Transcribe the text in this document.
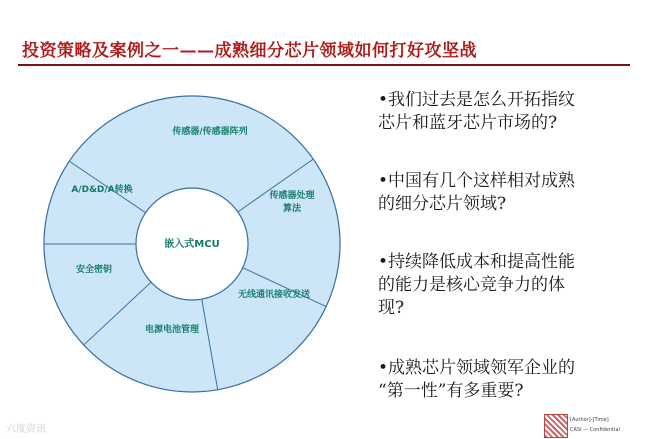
投资策略及案例之一——成熟细分芯片领域如何打好攻坚战
嵌入式MCU
传感器/传感器阵列
传感器处理算法
无线通讯接收发送
电源电池管理
安全密钥
A/D&D/A转换
•我们过去是怎么开拓指纹
芯片和蓝牙芯片市场的?
•中国有几个这样相对成熟
的细分芯片领域?
•持续降低成本和提高性能
的能力是核心竞争力的体
现?
•成熟芯片领域领军企业的
“第一性”有多重要?
[Author]-[Time]
CASI — Confidential
六度资讯
